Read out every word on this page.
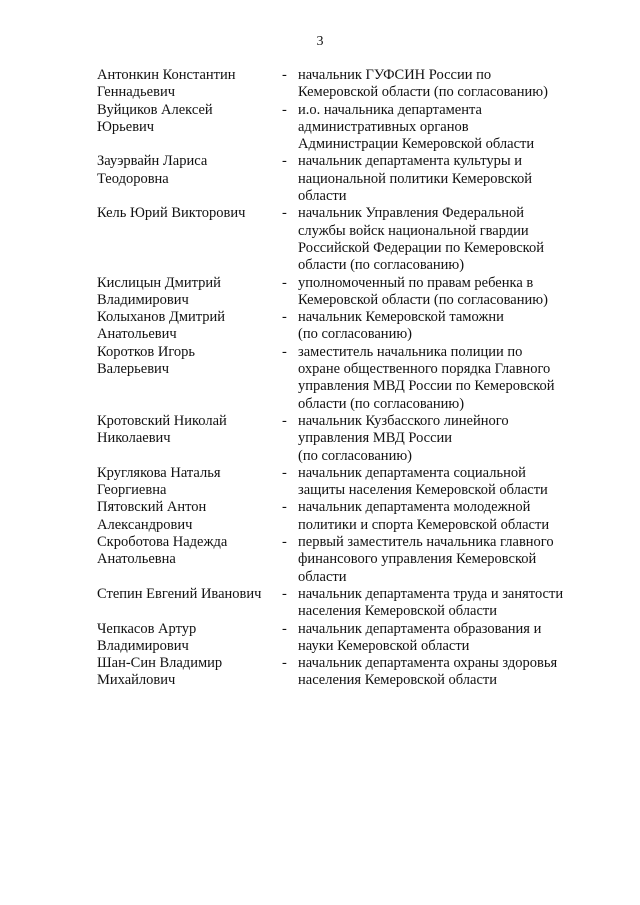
3
Антонкин Константин
Геннадьевич
- начальник ГУФСИН России по
Кемеровской области (по согласованию)
Вуйциков Алексей
Юрьевич
- и.о. начальника департамента
административных органов
Администрации Кемеровской области
Зауэрвайн Лариса
Теодоровна
- начальник департамента культуры и
национальной политики Кемеровской
области
Кель Юрий Викторович	- начальник Управления Федеральной
службы войск национальной гвардии
Российской Федерации по Кемеровской
области (по согласованию)
Кислицын Дмитрий
Владимирович
- уполномоченный по правам ребенка в
Кемеровской области (по согласованию)
Колыханов Дмитрий
Анатольевич
- начальник Кемеровской таможни
(по согласованию)
Коротков Игорь
Валерьевич
- заместитель начальника полиции по
охране общественного порядка Главного
управления МВД России по Кемеровской
области (по согласованию)
Кротовский Николай
Николаевич
- начальник Кузбасского линейного
управления МВД России
(по согласованию)
Круглякова Наталья
Георгиевна
- начальник департамента социальной
защиты населения Кемеровской области
Пятовский Антон
Александрович
- начальник департамента молодежной
политики и спорта Кемеровской области
Скроботова Надежда
Анатольевна
- первый заместитель начальника главного
финансового управления Кемеровской
области
Степин Евгений Иванович	- начальник департамента труда и занятости
населения Кемеровской области
Чепкасов Артур
Владимирович
- начальник департамента образования и
науки Кемеровской области
Шан-Син Владимир
Михайлович
- начальник департамента охраны здоровья
населения Кемеровской области
